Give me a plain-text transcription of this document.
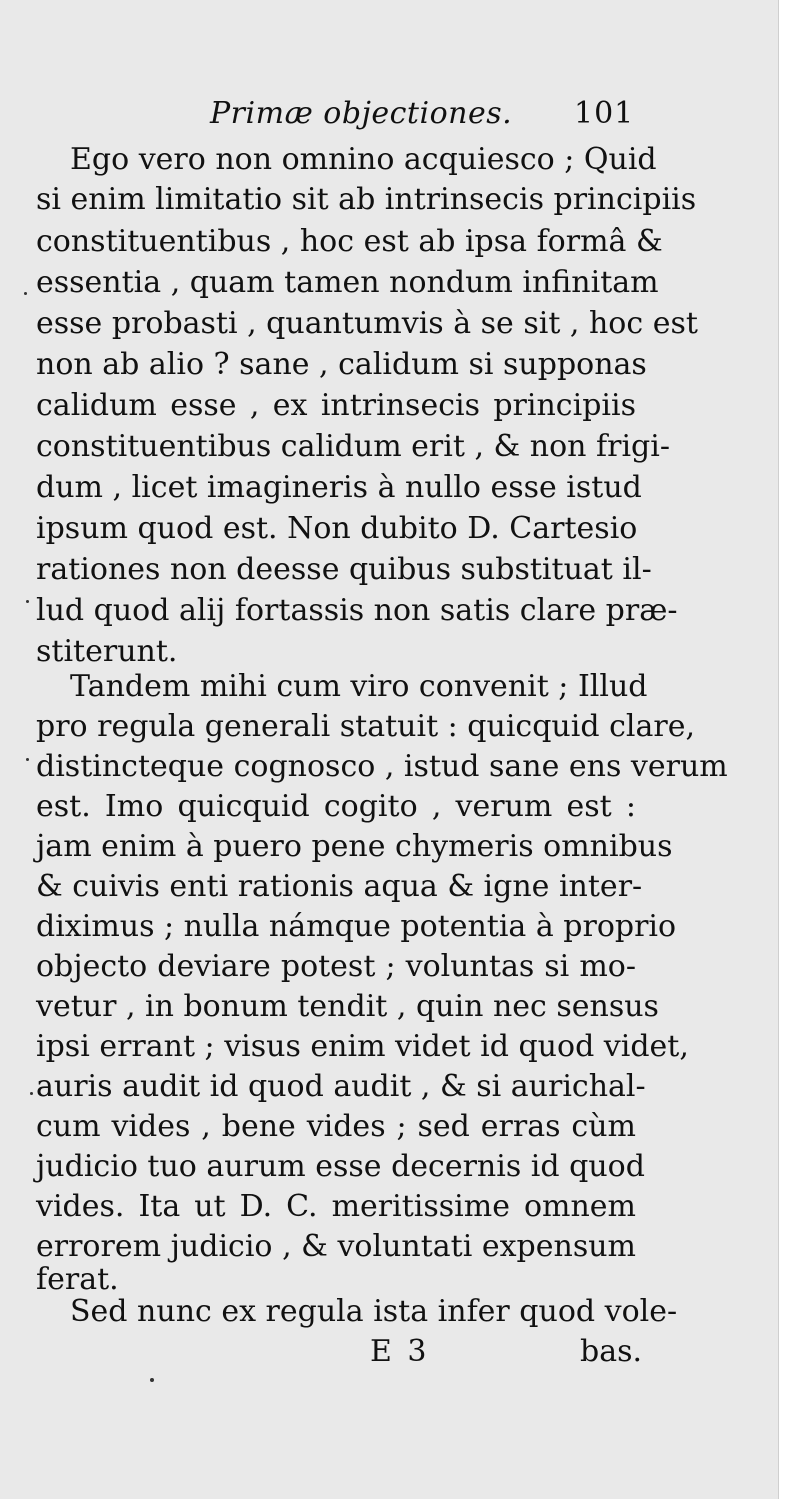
Primæ objectiones. 101
Ego vero non omnino acquiesco ; Quid
si enim limitatio sit ab intrinsecis principiis
constituentibus , hoc est ab ipsa formâ &
essentia , quam tamen nondum infinitam
esse probasti , quantumvis à se sit , hoc est
non ab alio ? sane , calidum si supponas
calidum esse , ex intrinsecis principiis
constituentibus calidum erit , & non frigi-
dum , licet imagineris à nullo esse istud
ipsum quod est. Non dubito D. Cartesio
rationes non deesse quibus substituat il-
lud quod alij fortassis non satis clare præ-
stiterunt.
Tandem mihi cum viro convenit ; Illud
pro regula generali statuit : quicquid clare,
distincteque cognosco , istud sane ens verum
est. Imo quicquid cogito , verum est :
jam enim à puero pene chymeris omnibus
& cuivis enti rationis aqua & igne inter-
diximus ; nulla námque potentia à proprio
objecto deviare potest ; voluntas si mo-
vetur , in bonum tendit , quin nec sensus
ipsi errant ; visus enim videt id quod videt,
auris audit id quod audit , & si aurichal-
cum vides , bene vides ; sed erras cùm
judicio tuo aurum esse decernis id quod
vides. Ita ut D. C. meritissime omnem
errorem judicio , & voluntati expensum
ferat.
Sed nunc ex regula ista infer quod vole-
E 3	bas.
